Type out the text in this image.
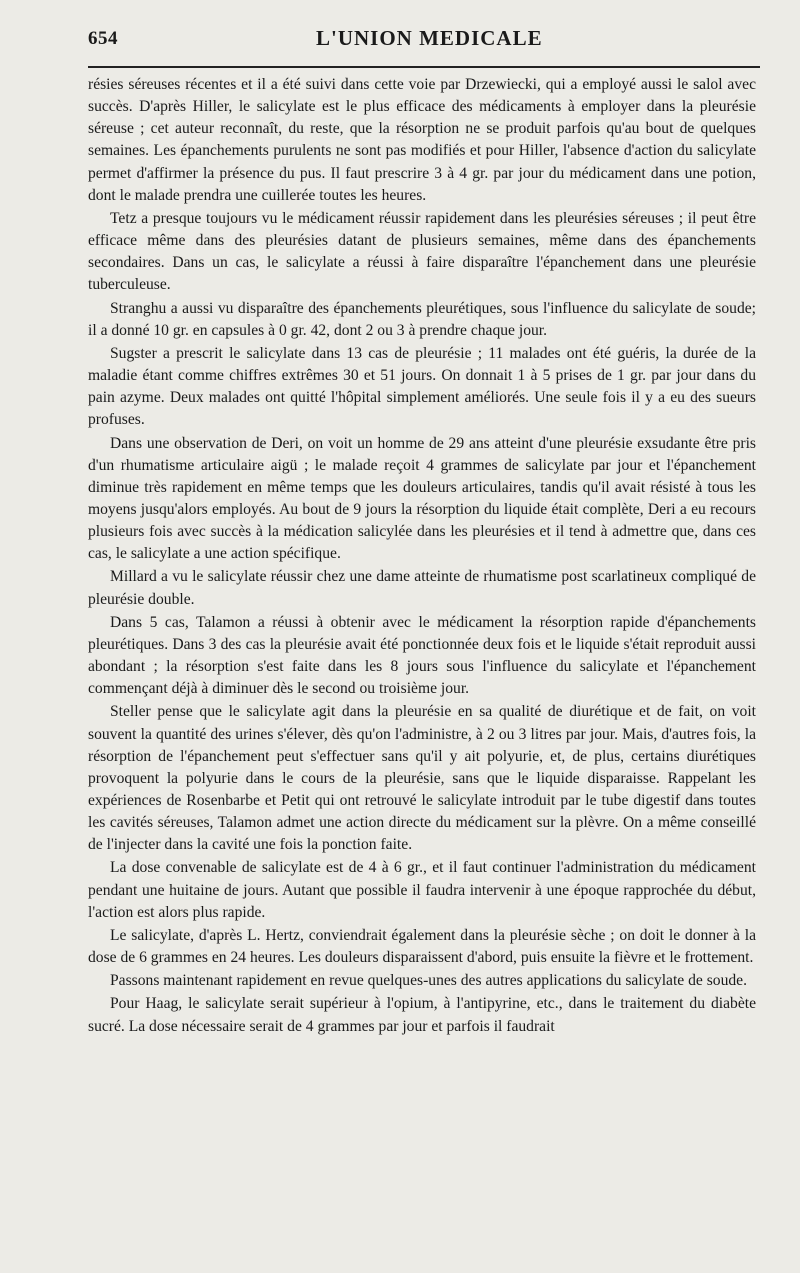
654	L'UNION MEDICALE

résies séreuses récentes et il a été suivi dans cette voie par Drzewiecki, qui a employé aussi le salol avec succès. D'après Hiller, le salicylate est le plus efficace des médicaments à employer dans la pleurésie séreuse ; cet auteur reconnaît, du reste, que la résorption ne se produit parfois qu'au bout de quelques semaines. Les épanchements purulents ne sont pas modifiés et pour Hiller, l'absence d'action du salicylate permet d'affirmer la présence du pus. Il faut prescrire 3 à 4 gr. par jour du médicament dans une potion, dont le malade prendra une cuillerée toutes les heures.

Tetz a presque toujours vu le médicament réussir rapidement dans les pleurésies séreuses ; il peut être efficace même dans des pleurésies datant de plusieurs semaines, même dans des épanchements secondaires. Dans un cas, le salicylate a réussi à faire disparaître l'épanchement dans une pleurésie tuberculeuse.

Stranghu a aussi vu disparaître des épanchements pleurétiques, sous l'influence du salicylate de soude; il a donné 10 gr. en capsules à 0 gr. 42, dont 2 ou 3 à prendre chaque jour.

Sugster a prescrit le salicylate dans 13 cas de pleurésie ; 11 malades ont été guéris, la durée de la maladie étant comme chiffres extrêmes 30 et 51 jours. On donnait 1 à 5 prises de 1 gr. par jour dans du pain azyme. Deux malades ont quitté l'hôpital simplement améliorés. Une seule fois il y a eu des sueurs profuses.

Dans une observation de Deri, on voit un homme de 29 ans atteint d'une pleurésie exsudante être pris d'un rhumatisme articulaire aigü ; le malade reçoit 4 grammes de salicylate par jour et l'épanchement diminue très rapidement en même temps que les douleurs articulaires, tandis qu'il avait résisté à tous les moyens jusqu'alors employés. Au bout de 9 jours la résorption du liquide était complète, Deri a eu recours plusieurs fois avec succès à la médication salicylée dans les pleurésies et il tend à admettre que, dans ces cas, le salicylate a une action spécifique.

Millard a vu le salicylate réussir chez une dame atteinte de rhumatisme post scarlatineux compliqué de pleurésie double.

Dans 5 cas, Talamon a réussi à obtenir avec le médicament la résorption rapide d'épanchements pleurétiques. Dans 3 des cas la pleurésie avait été ponctionnée deux fois et le liquide s'était reproduit aussi abondant ; la résorption s'est faite dans les 8 jours sous l'influence du salicylate et l'épanchement commençant déjà à diminuer dès le second ou troisième jour.

Steller pense que le salicylate agit dans la pleurésie en sa qualité de diurétique et de fait, on voit souvent la quantité des urines s'élever, dès qu'on l'administre, à 2 ou 3 litres par jour. Mais, d'autres fois, la résorption de l'épanchement peut s'effectuer sans qu'il y ait polyurie, et, de plus, certains diurétiques provoquent la polyurie dans le cours de la pleurésie, sans que le liquide disparaisse. Rappelant les expériences de Rosenbarbe et Petit qui ont retrouvé le salicylate introduit par le tube digestif dans toutes les cavités séreuses, Talamon admet une action directe du médicament sur la plèvre. On a même conseillé de l'injecter dans la cavité une fois la ponction faite.

La dose convenable de salicylate est de 4 à 6 gr., et il faut continuer l'administration du médicament pendant une huitaine de jours. Autant que possible il faudra intervenir à une époque rapprochée du début, l'action est alors plus rapide.

Le salicylate, d'après L. Hertz, conviendrait également dans la pleurésie sèche ; on doit le donner à la dose de 6 grammes en 24 heures. Les douleurs disparaissent d'abord, puis ensuite la fièvre et le frottement.

Passons maintenant rapidement en revue quelques-unes des autres applications du salicylate de soude.

Pour Haag, le salicylate serait supérieur à l'opium, à l'antipyrine, etc., dans le traitement du diabète sucré. La dose nécessaire serait de 4 grammes par jour et parfois il faudrait
